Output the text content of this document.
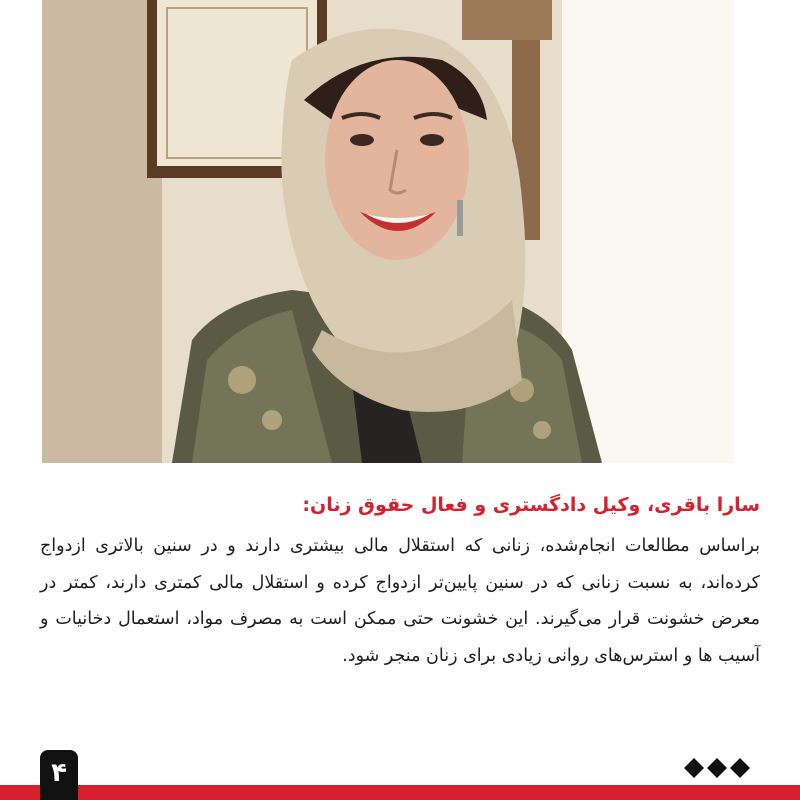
سارا باقری، وکیل دادگستری و فعال حقوق زنان:

براساس مطالعات انجام‌شده، زنانی که استقلال مالی بیشتری دارند و در سنین بالاتری ازدواج کرده‌اند، به نسبت زنانی که در سنین پایین‌تر ازدواج کرده و استقلال مالی کمتری دارند، کمتر در معرض خشونت قرار می‌گیرند. این خشونت حتی ممکن است به مصرف مواد، استعمال دخانیات و آسیب ها و استرس‌های روانی زیادی برای زنان منجر شود.

۴
